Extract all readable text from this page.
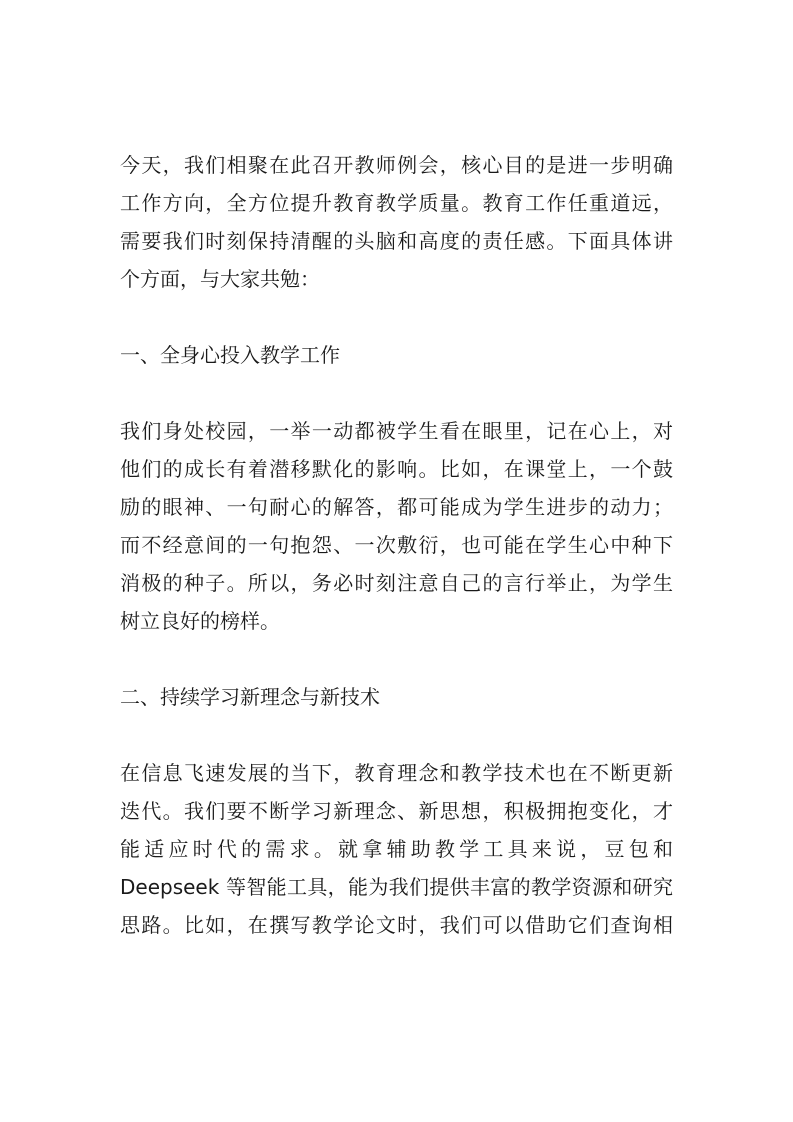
今天，我们相聚在此召开教师例会，核心目的是进一步明确
工作方向，全方位提升教育教学质量。教育工作任重道远，
需要我们时刻保持清醒的头脑和高度的责任感。下面具体讲
个方面，与大家共勉：
一、全身心投入教学工作
我们身处校园，一举一动都被学生看在眼里，记在心上，对
他们的成长有着潜移默化的影响。比如，在课堂上，一个鼓
励的眼神、一句耐心的解答，都可能成为学生进步的动力；
而不经意间的一句抱怨、一次敷衍，也可能在学生心中种下
消极的种子。所以，务必时刻注意自己的言行举止，为学生
树立良好的榜样。
二、持续学习新理念与新技术
在信息飞速发展的当下，教育理念和教学技术也在不断更新
迭代。我们要不断学习新理念、新思想，积极拥抱变化，才
能适应时代的需求。就拿辅助教学工具来说，豆包和
Deepseek 等智能工具，能为我们提供丰富的教学资源和研究
思路。比如，在撰写教学论文时，我们可以借助它们查询相
